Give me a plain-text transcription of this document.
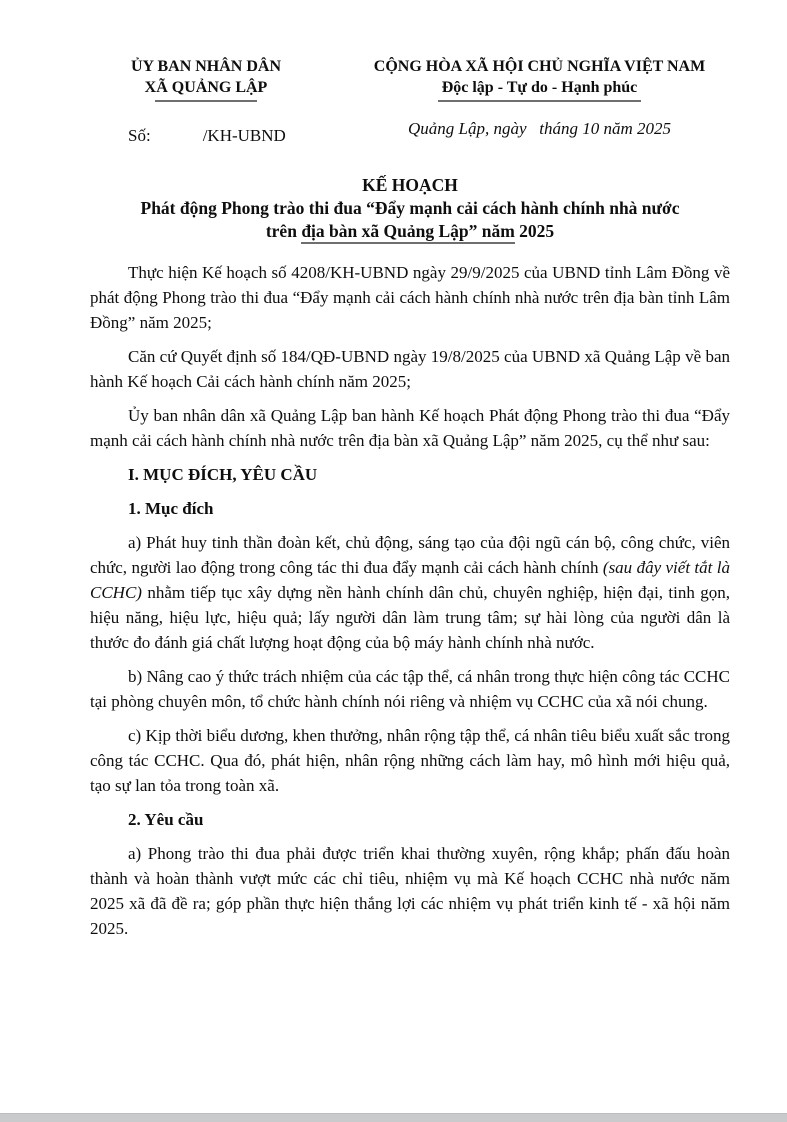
ỦY BAN NHÂN DÂN
XÃ QUẢNG LẬP
Số:	/KH-UBND
CỘNG HÒA XÃ HỘI CHỦ NGHĨA VIỆT NAM
Độc lập - Tự do - Hạnh phúc
Quảng Lập, ngày   tháng 10 năm 2025
KẾ HOẠCH
Phát động Phong trào thi đua “Đẩy mạnh cải cách hành chính nhà nước
trên địa bàn xã Quảng Lập” năm 2025

Thực hiện Kế hoạch số 4208/KH-UBND ngày 29/9/2025 của UBND tỉnh Lâm Đồng về phát động Phong trào thi đua “Đẩy mạnh cải cách hành chính nhà nước trên địa bàn tỉnh Lâm Đồng” năm 2025;

Căn cứ Quyết định số 184/QĐ-UBND ngày 19/8/2025 của UBND xã Quảng Lập về ban hành Kế hoạch Cải cách hành chính năm 2025;

Ủy ban nhân dân xã Quảng Lập ban hành Kế hoạch Phát động Phong trào thi đua “Đẩy mạnh cải cách hành chính nhà nước trên địa bàn xã Quảng Lập” năm 2025, cụ thể như sau:

I. MỤC ĐÍCH, YÊU CẦU
1. Mục đích

a) Phát huy tinh thần đoàn kết, chủ động, sáng tạo của đội ngũ cán bộ, công chức, viên chức, người lao động trong công tác thi đua đẩy mạnh cải cách hành chính (sau đây viết tắt là CCHC) nhằm tiếp tục xây dựng nền hành chính dân chủ, chuyên nghiệp, hiện đại, tinh gọn, hiệu năng, hiệu lực, hiệu quả; lấy người dân làm trung tâm; sự hài lòng của người dân là thước đo đánh giá chất lượng hoạt động của bộ máy hành chính nhà nước.

b) Nâng cao ý thức trách nhiệm của các tập thể, cá nhân trong thực hiện công tác CCHC tại phòng chuyên môn, tổ chức hành chính nói riêng và nhiệm vụ CCHC của xã nói chung.

c) Kịp thời biểu dương, khen thưởng, nhân rộng tập thể, cá nhân tiêu biểu xuất sắc trong công tác CCHC. Qua đó, phát hiện, nhân rộng những cách làm hay, mô hình mới hiệu quả, tạo sự lan tỏa trong toàn xã.

2. Yêu cầu

a) Phong trào thi đua phải được triển khai thường xuyên, rộng khắp; phấn đấu hoàn thành và hoàn thành vượt mức các chỉ tiêu, nhiệm vụ mà Kế hoạch CCHC nhà nước năm 2025 xã đã đề ra; góp phần thực hiện thắng lợi các nhiệm vụ phát triển kinh tế - xã hội năm 2025.
